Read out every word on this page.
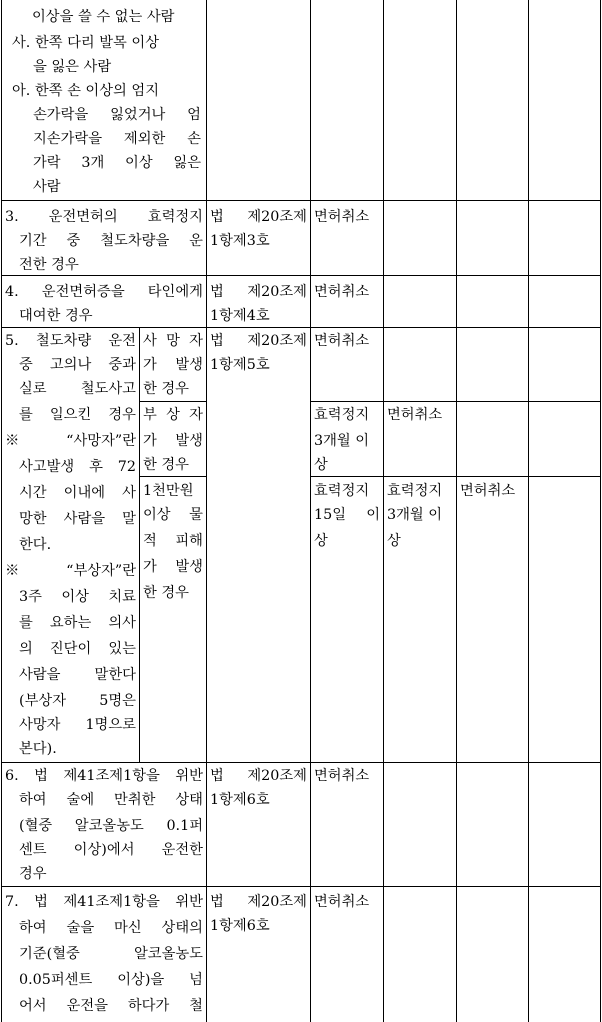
이상을 쓸 수 없는 사람
사. 한쪽 다리 발목 이상
을 잃은 사람
아. 한쪽 손 이상의 엄지
손가락을 잃었거나 엄
지손가락을 제외한 손
가락 3개 이상 잃은
사람
3. 운전면허의 효력정지
기간 중 철도차량을 운
전한 경우
법 제20조제
1항제3호
면허취소
4. 운전면허증을 타인에게
대여한 경우
법 제20조제
1항제4호
면허취소
5. 철도차량 운전
중 고의나 중과
실로 철도사고
를 일으킨 경우
※ “사망자”란
사고발생 후 72
시간 이내에 사
망한 사람을 말
한다.
※ “부상자”란
3주 이상 치료
를 요하는 의사
의 진단이 있는
사람을 말한다
(부상자 5명은
사망자 1명으로
본다).
사 망 자
가 발생
한 경우
부 상 자
가 발생
한 경우
1천만원
이상 물
적 피해
가 발생
한 경우
법 제20조제
1항제5호
면허취소
효력정지
3개월 이
상
면허취소
효력정지
15일 이
상
효력정지
3개월 이
상
면허취소
6. 법 제41조제1항을 위반
하여 술에 만취한 상태
(혈중 알코올농도 0.1퍼
센트 이상)에서 운전한
경우
법 제20조제
1항제6호
면허취소
7. 법 제41조제1항을 위반
하여 술을 마신 상태의
기준(혈중 알코올농도
0.05퍼센트 이상)을 넘
어서 운전을 하다가 철
법 제20조제
1항제6호
면허취소
